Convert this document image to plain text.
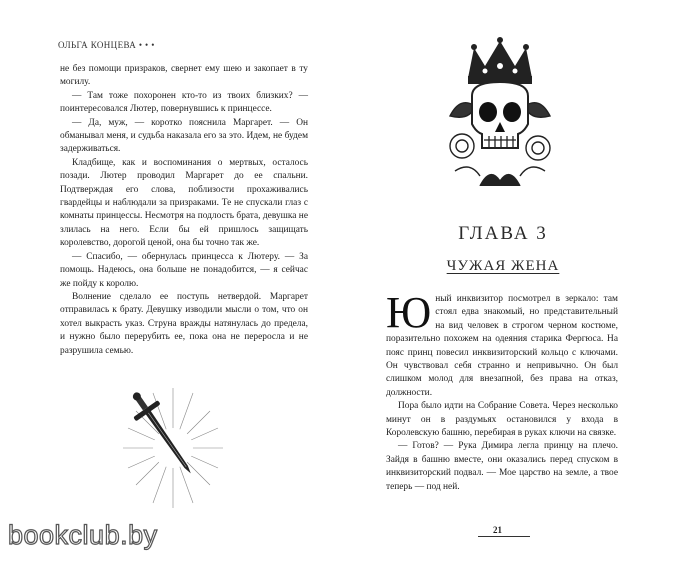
ОЛЬГА КОНЦЕВА • • •

не без помощи призраков, свернет ему шею и закопает в ту могилу.

— Там тоже похоронен кто-то из твоих близких? — поинтересовался Лютер, повернувшись к принцессе.

— Да, муж, — коротко пояснила Маргарет. — Он обманывал меня, и судьба наказала его за это. Идем, не будем задерживаться.

Кладбище, как и воспоминания о мертвых, осталось позади. Лютер проводил Маргарет до ее спальни. Подтверждая его слова, поблизости прохаживались гвардейцы и наблюдали за призраками. Те не спускали глаз с комнаты принцессы. Несмотря на подлость брата, девушка не злилась на него. Если бы ей пришлось защищать королевство, дорогой ценой, она бы точно так же.

— Спасибо, — обернулась принцесса к Лютеру. — За помощь. Надеюсь, она больше не понадобится, — я сейчас же пойду к королю.

Волнение сделало ее поступь нетвердой. Маргарет отправилась к брату. Девушку изводили мысли о том, что он хотел выкрасть указ. Струна вражды натянулась до предела, и нужно было перерубить ее, пока она не переросла и не разрушила семью.

ГЛАВА 3
ЧУЖАЯ ЖЕНА

Юный инквизитор посмотрел в зеркало: там стоял едва знакомый, но представительный на вид человек в строгом черном костюме, поразительно похожем на одеяния старика Фергюса. На пояс принц повесил инквизиторский кольцо с ключами. Он чувствовал себя странно и непривычно. Он был слишком молод для внезапной, без права на отказ, должности.

Пора было идти на Собрание Совета. Через несколько минут он в раздумьях остановился у входа в Королевскую башню, перебирая в руках ключи на связке.

— Готов? — Рука Димира легла принцу на плечо. Зайдя в башню вместе, они оказались перед спуском в инквизиторский подвал. — Мое царство на земле, а твое теперь — под ней.

21
bookclub.by
